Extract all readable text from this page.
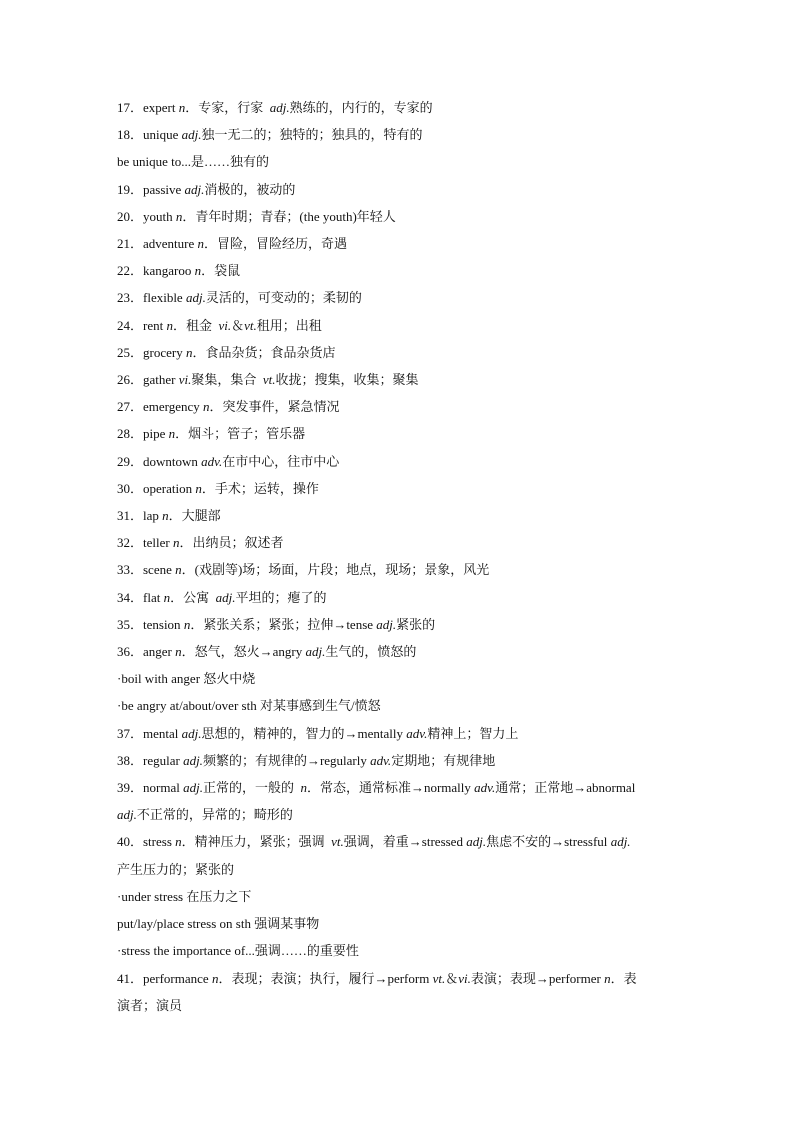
17．expert n．专家，行家  adj.熟练的，内行的，专家的
18．unique adj.独一无二的；独特的；独具的，特有的
be unique to...是……独有的
19．passive adj.消极的，被动的
20．youth n．青年时期；青春；(the youth)年轻人
21．adventure n．冒险，冒险经历，奇遇
22．kangaroo n．袋鼠
23．flexible adj.灵活的，可变动的；柔韧的
24．rent n．租金  vi.＆vt.租用；出租
25．grocery n．食品杂货；食品杂货店
26．gather vi.聚集，集合  vt.收拢；搜集，收集；聚集
27．emergency n．突发事件，紧急情况
28．pipe n．烟斗；管子；管乐器
29．downtown adv.在市中心，往市中心
30．operation n．手术；运转，操作
31．lap n．大腿部
32．teller n．出纳员；叙述者
33．scene n．(戏剧等)场；场面，片段；地点，现场；景象，风光
34．flat n．公寓  adj.平坦的；瘪了的
35．tension n．紧张关系；紧张；拉伸→tense adj.紧张的
36．anger n．怒气，怒火→angry adj.生气的，愤怒的
·boil with anger 怒火中烧
·be angry at/about/over sth 对某事感到生气/愤怒
37．mental adj.思想的，精神的，智力的→mentally adv.精神上；智力上
38．regular adj.频繁的；有规律的→regularly adv.定期地；有规律地
39．normal adj.正常的，一般的  n．常态，通常标准→normally adv.通常；正常地→abnormal
adj.不正常的，异常的；畸形的
40．stress n．精神压力，紧张；强调  vt.强调，着重→stressed adj.焦虑不安的→stressful adj.
产生压力的；紧张的
·under stress 在压力之下
put/lay/place stress on sth 强调某事物
·stress the importance of...强调……的重要性
41．performance n．表现；表演；执行，履行→perform vt.＆vi.表演；表现→performer n．表
演者；演员
